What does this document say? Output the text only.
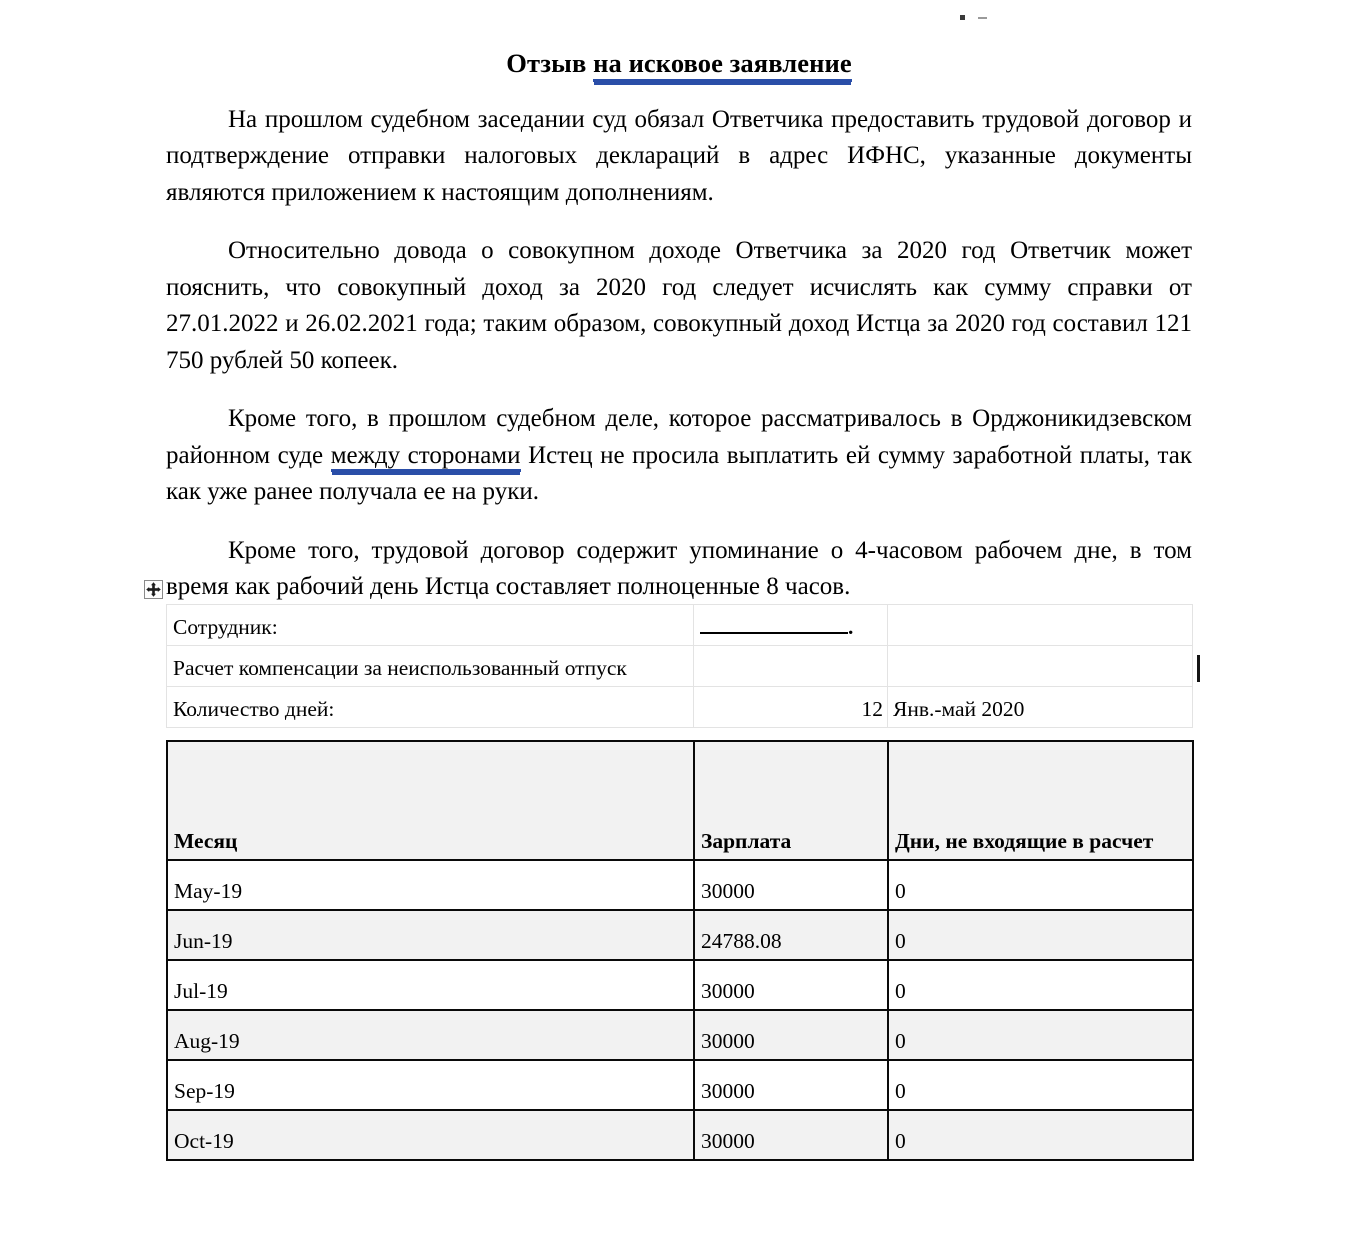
Отзыв на исковое заявление

На прошлом судебном заседании суд обязал Ответчика предоставить трудовой договор и подтверждение отправки налоговых деклараций в адрес ИФНС, указанные документы являются приложением к настоящим дополнениям.

Относительно довода о совокупном доходе Ответчика за 2020 год Ответчик может пояснить, что совокупный доход за 2020 год следует исчислять как сумму справки от 27.01.2022 и 26.02.2021 года; таким образом, совокупный доход Истца за 2020 год составил 121 750 рублей 50 копеек.

Кроме того, в прошлом судебном деле, которое рассматривалось в Орджоникидзевском районном суде между сторонами Истец не просила выплатить ей сумму заработной платы, так как уже ранее получала ее на руки.

Кроме того, трудовой договор содержит упоминание о 4-часовом рабочем дне, в том время как рабочий день Истца составляет полноценные 8 часов.

Сотрудник:	.	
Расчет компенсации за неиспользованный отпуск		
Количество дней:	12	Янв.-май 2020
Месяц	Зарплата	Дни, не входящие в расчет
May-19	30000	0
Jun-19	24788.08	0
Jul-19	30000	0
Aug-19	30000	0
Sep-19	30000	0
Oct-19	30000	0
